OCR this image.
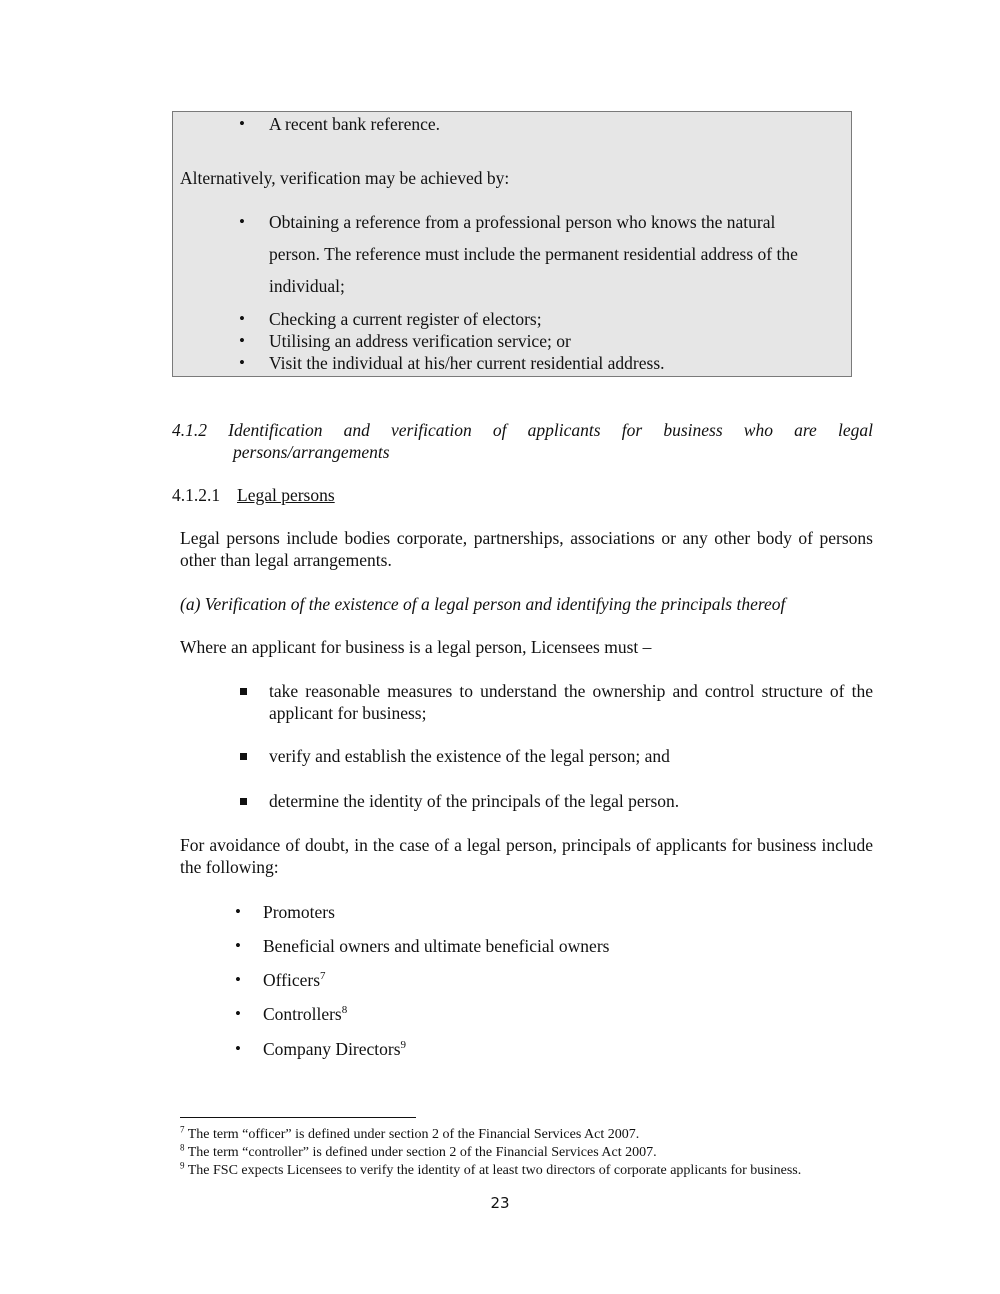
• A recent bank reference.
Alternatively, verification may be achieved by:
• Obtaining a reference from a professional person who knows the natural
person. The reference must include the permanent residential address of the
individual;
• Checking a current register of electors;
• Utilising an address verification service; or
• Visit the individual at his/her current residential address.
4.1.2 Identification and verification of applicants for business who are legal
persons/arrangements
4.1.2.1 Legal persons
Legal persons include bodies corporate, partnerships, associations or any other body of persons other than legal arrangements.
(a) Verification of the existence of a legal person and identifying the principals thereof
Where an applicant for business is a legal person, Licensees must –
take reasonable measures to understand the ownership and control structure of the applicant for business;
verify and establish the existence of the legal person; and
determine the identity of the principals of the legal person.
For avoidance of doubt, in the case of a legal person, principals of applicants for business include the following:
• Promoters
• Beneficial owners and ultimate beneficial owners
• Officers$^7$
• Controllers$^8$
• Company Directors$^9$
$^7$ The term “officer” is defined under section 2 of the Financial Services Act 2007.
$^8$ The term “controller” is defined under section 2 of the Financial Services Act 2007.
$^9$ The FSC expects Licensees to verify the identity of at least two directors of corporate applicants for business.
23
